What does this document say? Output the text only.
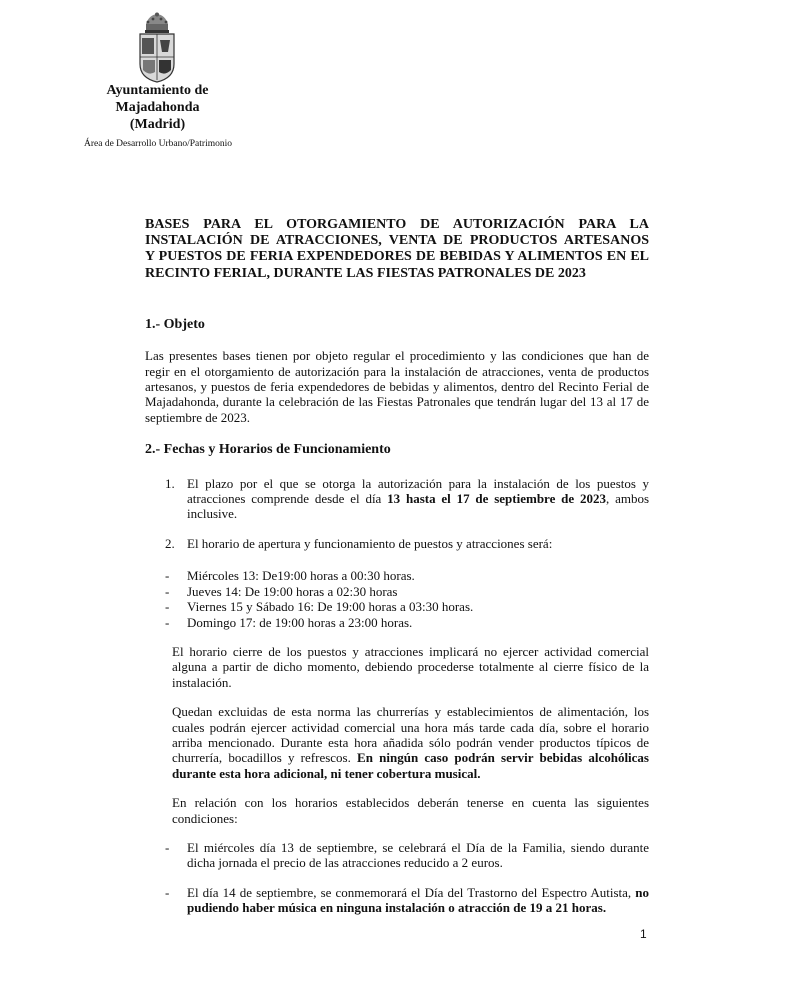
Ayuntamiento de
Majadahonda
(Madrid)
Área de Desarrollo Urbano/Patrimonio
BASES PARA EL OTORGAMIENTO DE AUTORIZACIÓN PARA LA
INSTALACIÓN DE ATRACCIONES, VENTA DE PRODUCTOS ARTESANOS
Y PUESTOS DE FERIA EXPENDEDORES DE BEBIDAS Y ALIMENTOS EN EL
RECINTO FERIAL, DURANTE LAS FIESTAS PATRONALES DE 2023
1.- Objeto

Las presentes bases tienen por objeto regular el procedimiento y las condiciones que han de regir en el otorgamiento de autorización para la instalación de atracciones, venta de productos artesanos, y puestos de feria expendedores de bebidas y alimentos, dentro del Recinto Ferial de Majadahonda, durante la celebración de las Fiestas Patronales que tendrán lugar del 13 al 17 de septiembre de 2023.

2.- Fechas y Horarios de Funcionamiento
1. El plazo por el que se otorga la autorización para la instalación de los puestos y atracciones comprende desde el día 13 hasta el 17 de septiembre de 2023, ambos inclusive.
2. El horario de apertura y funcionamiento de puestos y atracciones será:
- Miércoles 13: De19:00 horas a 00:30 horas.
- Jueves 14: De 19:00 horas a 02:30 horas
- Viernes 15 y Sábado 16: De 19:00 horas a 03:30 horas.
- Domingo 17: de 19:00 horas a 23:00 horas.

El horario cierre de los puestos y atracciones implicará no ejercer actividad comercial alguna a partir de dicho momento, debiendo procederse totalmente al cierre físico de la instalación.

Quedan excluidas de esta norma las churrerías y establecimientos de alimentación, los cuales podrán ejercer actividad comercial una hora más tarde cada día, sobre el horario arriba mencionado. Durante esta hora añadida sólo podrán vender productos típicos de churrería, bocadillos y refrescos. En ningún caso podrán servir bebidas alcohólicas durante esta hora adicional, ni tener cobertura musical.

En relación con los horarios establecidos deberán tenerse en cuenta las siguientes condiciones:

- El miércoles día 13 de septiembre, se celebrará el Día de la Familia, siendo durante dicha jornada el precio de las atracciones reducido a 2 euros.
- El día 14 de septiembre, se conmemorará el Día del Trastorno del Espectro Autista, no pudiendo haber música en ninguna instalación o atracción de 19 a 21 horas.
1
